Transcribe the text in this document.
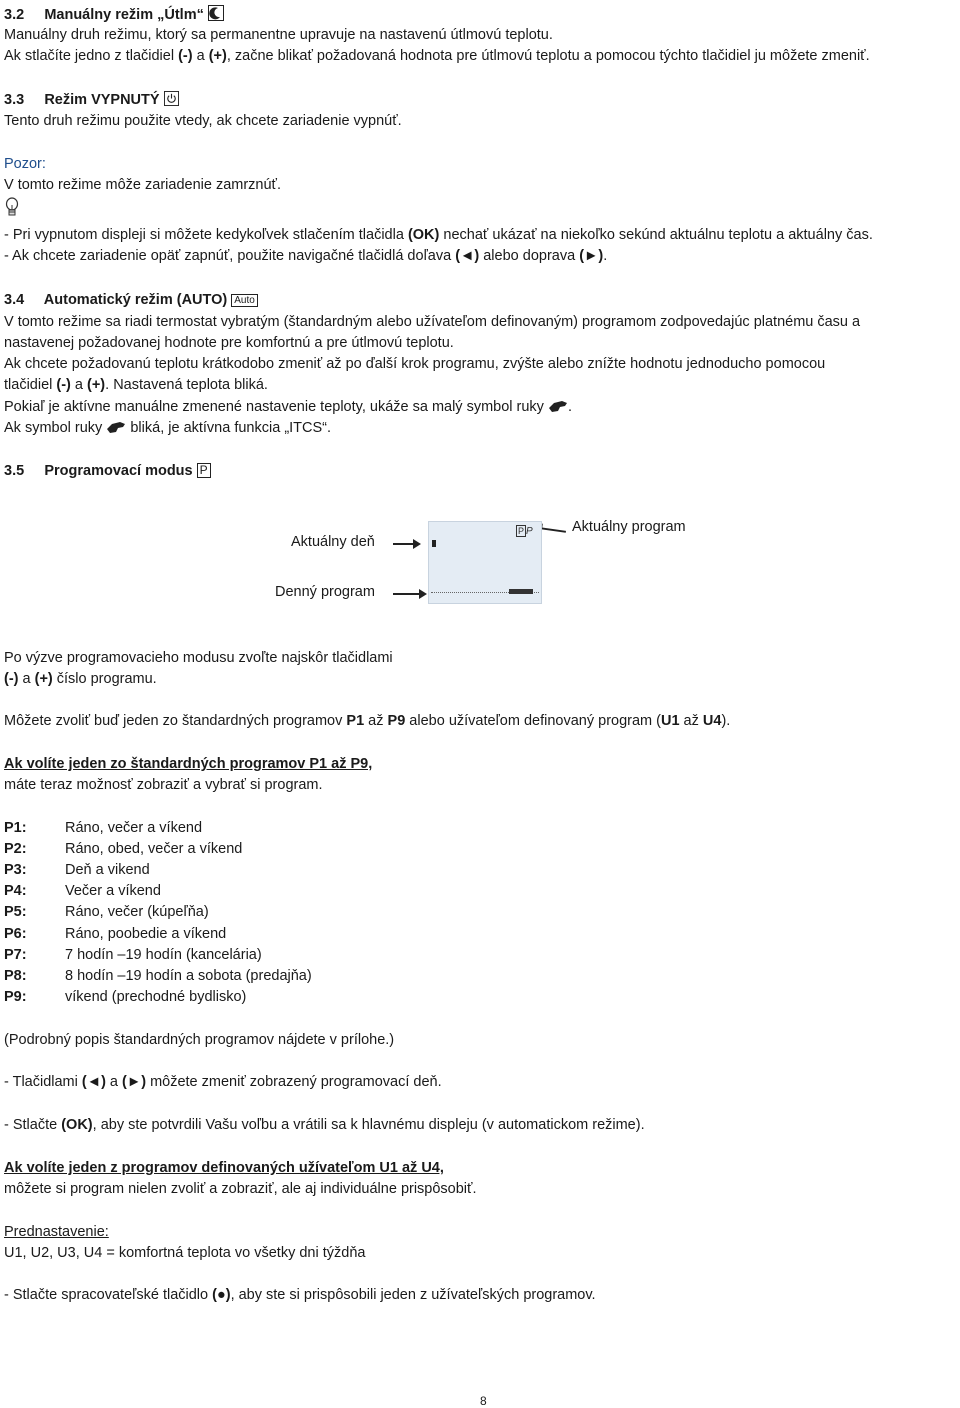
3.2 Manuálny režim „Útlm“
Manuálny druh režimu, ktorý sa permanentne upravuje na nastavenú útlmovú teplotu.
Ak stlačíte jedno z tlačidiel (-) a (+), začne blikať požadovaná hodnota pre útlmovú teplotu a pomocou týchto tlačidiel ju môžete zmeniť.
3.3 Režim VYPNUTÝ
Tento druh režimu použite vtedy, ak chcete zariadenie vypnúť.
Pozor:
V tomto režime môže zariadenie zamrznúť.
- Pri vypnutom displeji si môžete kedykoľvek stlačením tlačidla (OK) nechať ukázať na niekoľko sekúnd aktuálnu teplotu a aktuálny čas.
- Ak chcete zariadenie opäť zapnúť, použite navigačné tlačidlá doľava (◄) alebo doprava (►).
3.4 Automatický režim (AUTO) Auto
V tomto režime sa riadi termostat vybratým (štandardným alebo užívateľom definovaným) programom zodpovedajúc platnému času a
nastavenej požadovanej hodnote pre komfortnú a pre útlmovú teplotu.
Ak chcete požadovanú teplotu krátkodobo zmeniť až po ďalší krok programu, zvýšte alebo znížte hodnotu jednoducho pomocou
tlačidiel (-) a (+). Nastavená teplota bliká.
Pokiaľ je aktívne manuálne zmenené nastavenie teploty, ukáže sa malý symbol ruky .
Ak symbol ruky  bliká, je aktívna funkcia „ITCS“.
3.5 Programovací modus P
Aktuálny deň
Aktuálny program
Denný program
P P
Po výzve programovacieho modusu zvoľte najskôr tlačidlami
(-) a (+) číslo programu.
Môžete zvoliť buď jeden zo štandardných programov P1 až P9 alebo užívateľom definovaný program (U1 až U4).
Ak volíte jeden zo štandardných programov P1 až P9,
máte teraz možnosť zobraziť a vybrať si program.
P1:	Ráno, večer a víkend
P2:	Ráno, obed, večer a víkend
P3:	Deň a vikend
P4:	Večer a víkend
P5:	Ráno, večer (kúpeľňa)
P6:	Ráno, poobedie a víkend
P7:	7 hodín –19 hodín (kancelária)
P8:	8 hodín –19 hodín a sobota (predajňa)
P9:	víkend (prechodné bydlisko)
(Podrobný popis štandardných programov nájdete v prílohe.)
- Tlačidlami (◄) a (►) môžete zmeniť zobrazený programovací deň.
- Stlačte (OK), aby ste potvrdili Vašu voľbu a vrátili sa k hlavnému displeju (v automatickom režime).
Ak volíte jeden z programov definovaných užívateľom U1 až U4,
môžete si program nielen zvoliť a zobraziť, ale aj individuálne prispôsobiť.
Prednastavenie:
U1, U2, U3, U4 = komfortná teplota vo všetky dni týždňa
- Stlačte spracovateľské tlačidlo (●), aby ste si prispôsobili jeden z užívateľských programov.
8
